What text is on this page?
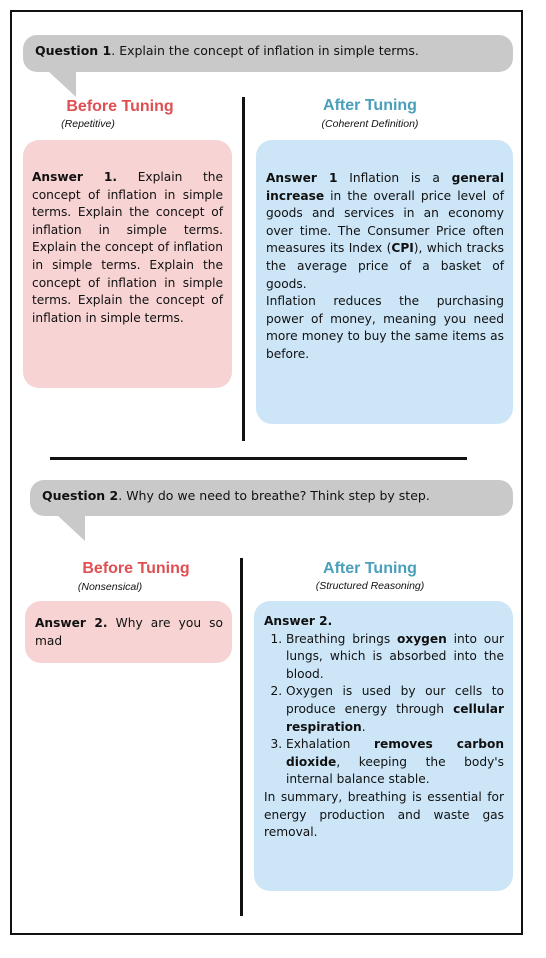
Question 1. Explain the concept of inflation in simple terms.
Before Tuning
(Repetitive)
After Tuning
(Coherent Definition)

Answer 1. Explain the concept of inflation in simple terms. Explain the concept of inflation in simple terms. Explain the concept of inflation in simple terms. Explain the concept of inflation in simple terms. Explain the concept of inflation in simple terms.

Answer 1 Inflation is a general increase in the overall price level of goods and services in an economy over time. The Consumer Price often measures its Index (CPI), which tracks the average price of a basket of goods.

Inflation reduces the purchasing power of money, meaning you need more money to buy the same items as before.

Question 2. Why do we need to breathe? Think step by step.
Before Tuning
(Nonsensical)
After Tuning
(Structured Reasoning)

Answer 2. Why are you so mad

Answer 2.

1. Breathing brings oxygen into our lungs, which is absorbed into the blood.
2. Oxygen is used by our cells to produce energy through cellular respiration.
3. Exhalation removes carbon dioxide, keeping the body's internal balance stable.

In summary, breathing is essential for energy production and waste gas removal.
